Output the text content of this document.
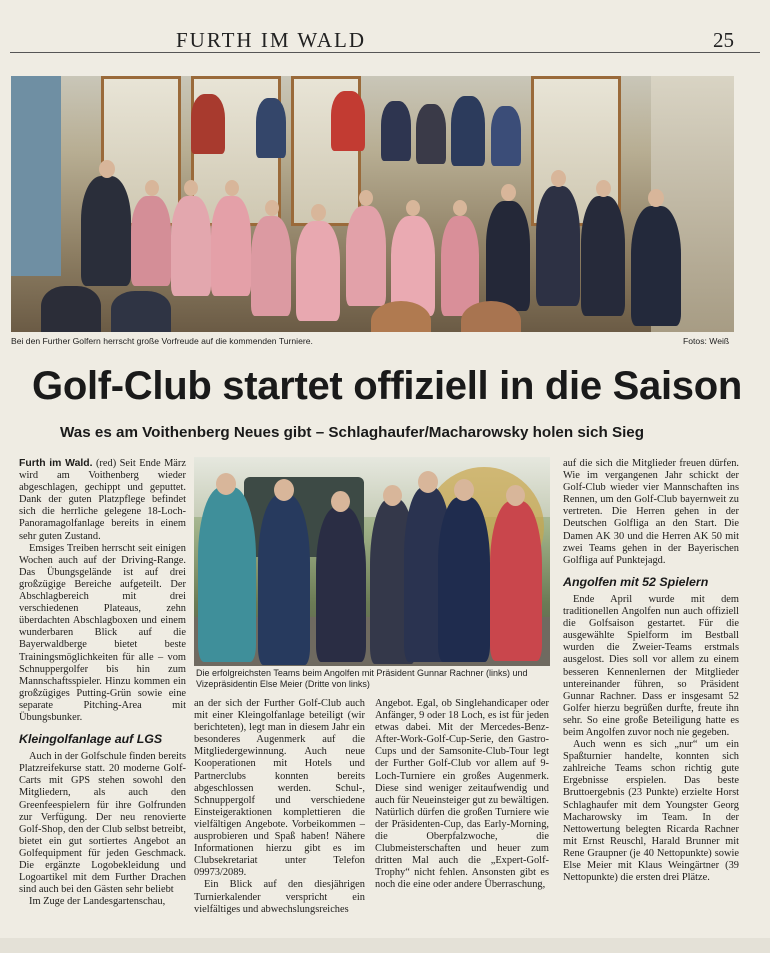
FURTH IM WALD	25
Bei den Further Golfern herrscht große Vorfreude auf die kommenden Turniere.	Fotos: Weiß
Golf-Club startet offiziell in die Saison
Was es am Voithenberg Neues gibt – Schlaghaufer/Macharowsky holen sich Sieg

Furth im Wald. (red) Seit Ende März wird am Voithenberg wieder abgeschlagen, gechippt und geputtet. Dank der guten Platzpflege befindet sich die herrliche gelegene 18-Loch-Panoramagolfanlage bereits in einem sehr guten Zustand.

Emsiges Treiben herrscht seit einigen Wochen auch auf der Driving-Range. Das Übungsgelände ist auf drei großzügige Bereiche aufgeteilt. Der Abschlagbereich mit drei verschiedenen Plateaus, zehn überdachten Abschlagboxen und einem wunderbaren Blick auf die Bayerwaldberge bietet beste Trainingsmöglichkeiten für alle – vom Schnuppergolfer bis hin zum Mannschaftsspieler. Hinzu kommen ein großzügiges Putting-Grün sowie eine separate Pitching-Area mit Übungsbunker.

Kleingolfanlage auf LGS

Auch in der Golfschule finden bereits Platzreifekurse statt. 20 moderne Golf-Carts mit GPS stehen sowohl den Mitgliedern, als auch den Greenfeespielern für ihre Golfrunden zur Verfügung. Der neu renovierte Golf-Shop, den der Club selbst betreibt, bietet ein gut sortiertes Angebot an Golfequipment für jeden Geschmack. Die ergänzte Logobekleidung und Logoartikel mit dem Further Drachen sind auch bei den Gästen sehr beliebt

Im Zuge der Landesgartenschau,

Die erfolgreichsten Teams beim Angolfen mit Präsident Gunnar Rachner (links) und Vizepräsidentin Else Meier (Dritte von links)

an der sich der Further Golf-Club auch mit einer Kleingolfanlage beteiligt (wir berichteten), legt man in diesem Jahr ein besonderes Augenmerk auf die Mitgliedergewinnung. Auch neue Kooperationen mit Hotels und Partnerclubs konnten bereits abgeschlossen werden. Schul-, Schnuppergolf und verschiedene Einsteigeraktionen komplettieren die vielfältigen Angebote. Vorbeikommen – ausprobieren und Spaß haben! Nähere Informationen hierzu gibt es im Clubsekretariat unter Telefon 09973/2089.

Ein Blick auf den diesjährigen Turnierkalender verspricht ein vielfältiges und abwechslungsreiches

Angebot. Egal, ob Singlehandicaper oder Anfänger, 9 oder 18 Loch, es ist für jeden etwas dabei. Mit der Mercedes-Benz-After-Work-Golf-Cup-Serie, den Gastro-Cups und der Samsonite-Club-Tour legt der Further Golf-Club vor allem auf 9-Loch-Turniere ein großes Augenmerk. Diese sind weniger zeitaufwendig und auch für Neueinsteiger gut zu bewältigen. Natürlich dürfen die großen Turniere wie der Präsidenten-Cup, das Early-Morning, die Oberpfalzwoche, die Clubmeisterschaften und heuer zum dritten Mal auch die „Expert-Golf-Trophy“ nicht fehlen. Ansonsten gibt es noch die eine oder andere Überraschung,

auf die sich die Mitglieder freuen dürfen. Wie im vergangenen Jahr schickt der Golf-Club wieder vier Mannschaften ins Rennen, um den Golf-Club bayernweit zu vertreten. Die Herren gehen in der Deutschen Golfliga an den Start. Die Damen AK 30 und die Herren AK 50 mit zwei Teams gehen in der Bayerischen Golfliga auf Punktejagd.

Angolfen mit 52 Spielern

Ende April wurde mit dem traditionellen Angolfen nun auch offiziell die Golfsaison gestartet. Für die ausgewählte Spielform im Bestball wurden die Zweier-Teams erstmals ausgelost. Dies soll vor allem zu einem besseren Kennenlernen der Mitglieder untereinander führen, so Präsident Gunnar Rachner. Dass er insgesamt 52 Golfer hierzu begrüßen durfte, freute ihn sehr. So eine große Beteiligung hatte es beim Angolfen zuvor noch nie gegeben.

Auch wenn es sich „nur“ um ein Spaßturnier handelte, konnten sich zahlreiche Teams schon richtig gute Ergebnisse erspielen. Das beste Bruttoergebnis (23 Punkte) erzielte Horst Schlaghaufer mit dem Youngster Georg Macharowsky im Team. In der Nettowertung belegten Ricarda Rachner mit Ernst Reuschl, Harald Brunner mit Rene Graupner (je 40 Nettopunkte) sowie Else Meier mit Klaus Weingärtner (39 Nettopunkte) die ersten drei Plätze.
